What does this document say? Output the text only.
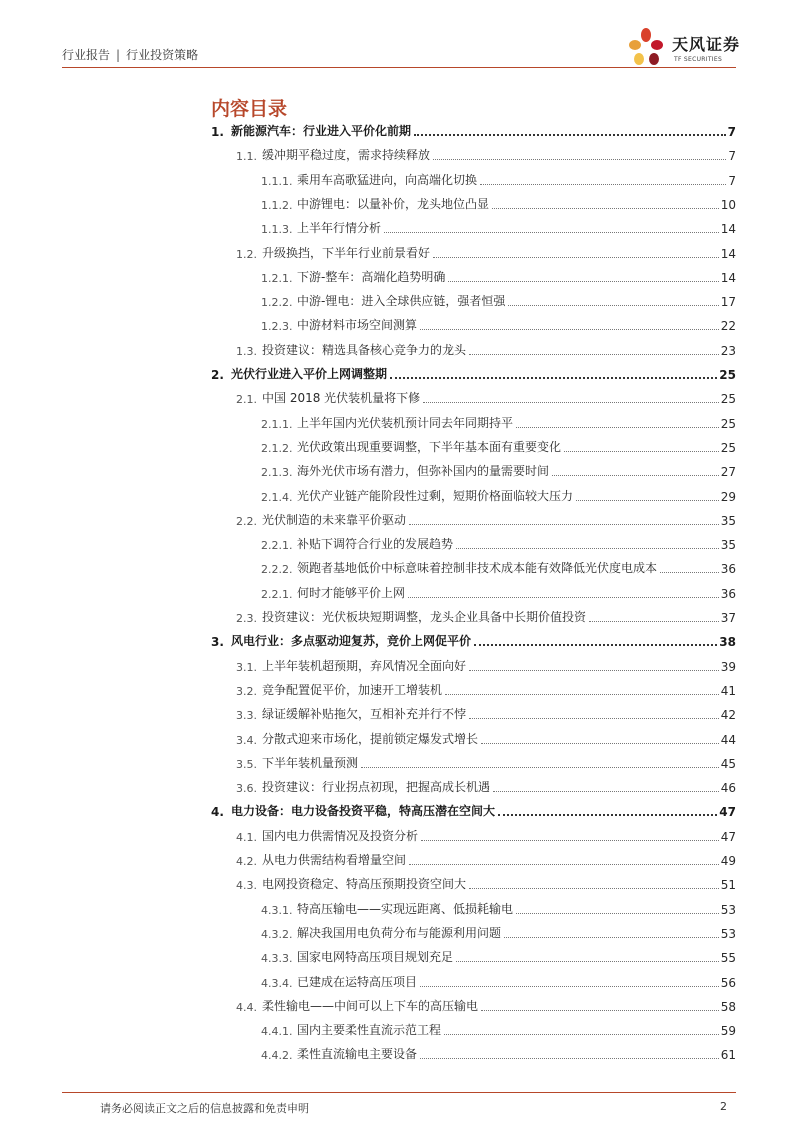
行业报告 | 行业投资策略
天风证券
TF SECURITIES
内容目录
1. 新能源汽车：行业进入平价化前期	7
1.1. 缓冲期平稳过度，需求持续释放	7
1.1.1. 乘用车高歌猛进向，向高端化切换	7
1.1.2. 中游锂电：以量补价，龙头地位凸显	10
1.1.3. 上半年行情分析	14
1.2. 升级换挡，下半年行业前景看好	14
1.2.1. 下游-整车：高端化趋势明确	14
1.2.2. 中游-锂电：进入全球供应链，强者恒强	17
1.2.3. 中游材料市场空间测算	22
1.3. 投资建议：精选具备核心竞争力的龙头	23
2. 光伏行业进入平价上网调整期	25
2.1. 中国 2018 光伏装机量将下修	25
2.1.1. 上半年国内光伏装机预计同去年同期持平	25
2.1.2. 光伏政策出现重要调整，下半年基本面有重要变化	25
2.1.3. 海外光伏市场有潜力，但弥补国内的量需要时间	27
2.1.4. 光伏产业链产能阶段性过剩，短期价格面临较大压力	29
2.2. 光伏制造的未来靠平价驱动	35
2.2.1. 补贴下调符合行业的发展趋势	35
2.2.2. 领跑者基地低价中标意味着控制非技术成本能有效降低光伏度电成本	36
2.2.1. 何时才能够平价上网	36
2.3. 投资建议：光伏板块短期调整，龙头企业具备中长期价值投资	37
3. 风电行业：多点驱动迎复苏，竞价上网促平价	38
3.1. 上半年装机超预期，弃风情况全面向好	39
3.2. 竞争配置促平价，加速开工增装机	41
3.3. 绿证缓解补贴拖欠，互相补充并行不悖	42
3.4. 分散式迎来市场化，提前锁定爆发式增长	44
3.5. 下半年装机量预测	45
3.6. 投资建议：行业拐点初现，把握高成长机遇	46
4. 电力设备：电力设备投资平稳，特高压潜在空间大	47
4.1. 国内电力供需情况及投资分析	47
4.2. 从电力供需结构看增量空间	49
4.3. 电网投资稳定、特高压预期投资空间大	51
4.3.1. 特高压输电——实现远距离、低损耗输电	53
4.3.2. 解决我国用电负荷分布与能源利用问题	53
4.3.3. 国家电网特高压项目规划充足	55
4.3.4. 已建成在运特高压项目	56
4.4. 柔性输电——中间可以上下车的高压输电	58
4.4.1. 国内主要柔性直流示范工程	59
4.4.2. 柔性直流输电主要设备	61
请务必阅读正文之后的信息披露和免责申明	2
